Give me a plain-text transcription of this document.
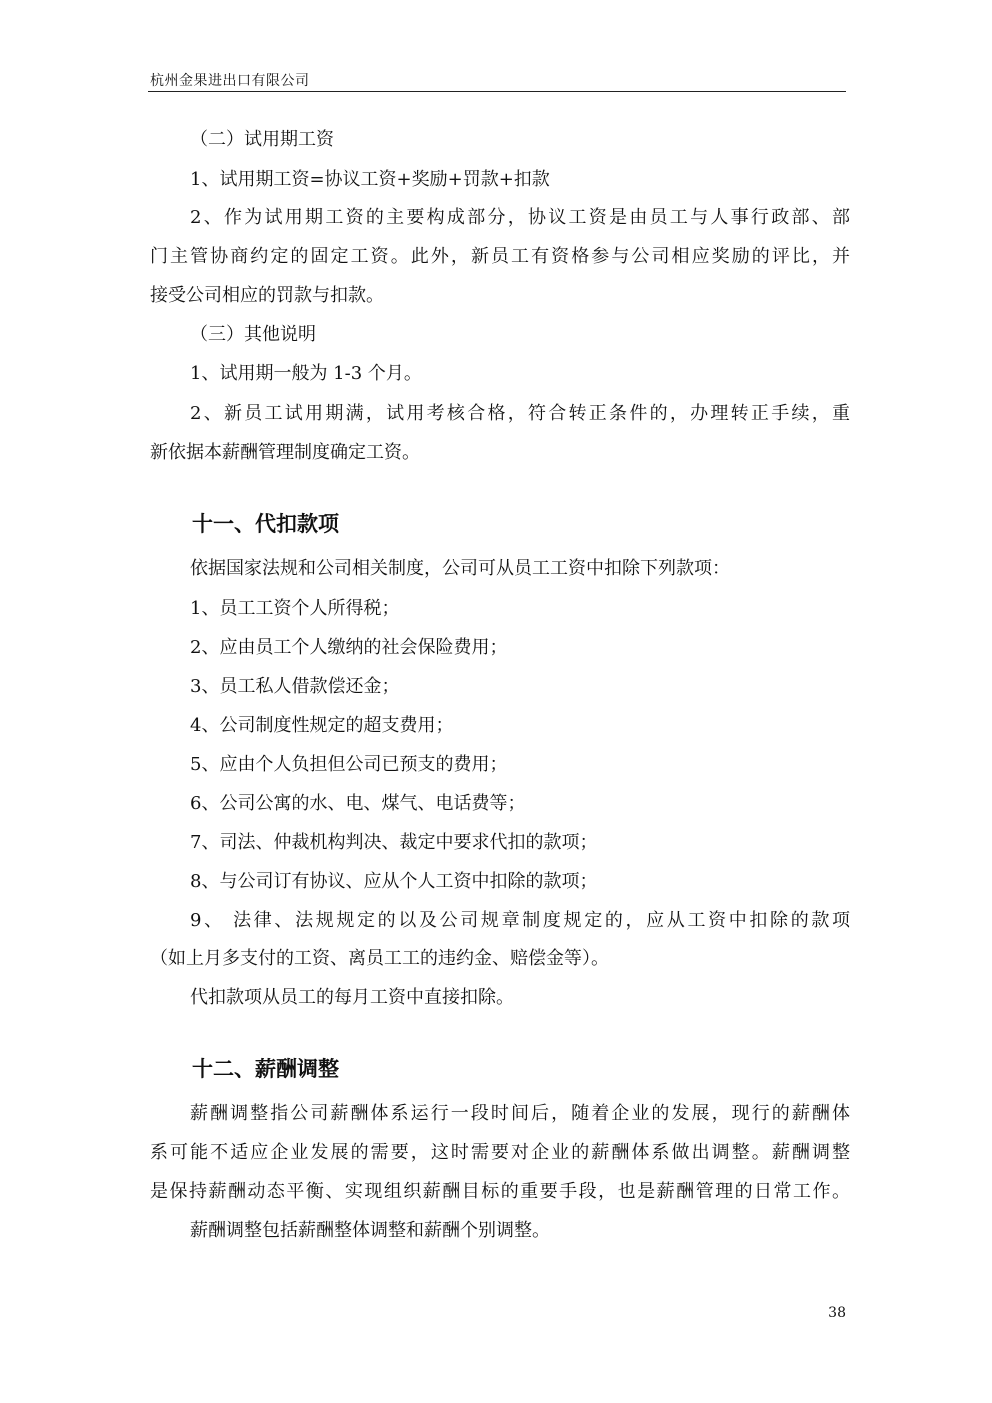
杭州金果进出口有限公司
（二）试用期工资
1、试用期工资=协议工资+奖励+罚款+扣款
2、作为试用期工资的主要构成部分，协议工资是由员工与人事行政部、部
门主管协商约定的固定工资。此外，新员工有资格参与公司相应奖励的评比，并
接受公司相应的罚款与扣款。
（三）其他说明
1、试用期一般为 1-3 个月。
2、新员工试用期满，试用考核合格，符合转正条件的，办理转正手续，重
新依据本薪酬管理制度确定工资。
十一、代扣款项
依据国家法规和公司相关制度，公司可从员工工资中扣除下列款项：
1、员工工资个人所得税；
2、应由员工个人缴纳的社会保险费用；
3、员工私人借款偿还金；
4、公司制度性规定的超支费用；
5、应由个人负担但公司已预支的费用；
6、公司公寓的水、电、煤气、电话费等；
7、司法、仲裁机构判决、裁定中要求代扣的款项；
8、与公司订有协议、应从个人工资中扣除的款项；
9、 法律、法规规定的以及公司规章制度规定的，应从工资中扣除的款项
（如上月多支付的工资、离员工工的违约金、赔偿金等）。
代扣款项从员工的每月工资中直接扣除。
十二、薪酬调整
薪酬调整指公司薪酬体系运行一段时间后，随着企业的发展，现行的薪酬体
系可能不适应企业发展的需要，这时需要对企业的薪酬体系做出调整。薪酬调整
是保持薪酬动态平衡、实现组织薪酬目标的重要手段，也是薪酬管理的日常工作。
薪酬调整包括薪酬整体调整和薪酬个别调整。
38
